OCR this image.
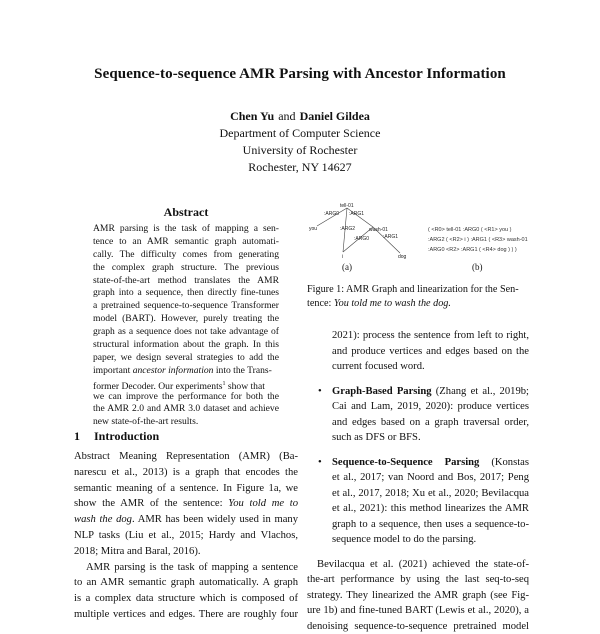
Sequence-to-sequence AMR Parsing with Ancestor Information
Chen Yu and Daniel Gildea
Department of Computer Science
University of Rochester
Rochester, NY 14627
Abstract
AMR parsing is the task of mapping a sen-
tence to an AMR semantic graph automati-
cally. The difficulty comes from generating
the complex graph structure. The previous
state-of-the-art method translates the AMR
graph into a sequence, then directly fine-tunes
a pretrained sequence-to-sequence Transformer
model (BART). However, purely treating the
graph as a sequence does not take advantage of
structural information about the graph. In this
paper, we design several strategies to add the
important ancestor information into the Trans-
former Decoder. Our experiments$^1$ show that
we can improve the performance for both the
the AMR 2.0 and AMR 3.0 dataset and achieve
new state-of-the-art results.
1 Introduction
Abstract Meaning Representation (AMR) (Ba-
narescu et al., 2013) is a graph that encodes the
semantic meaning of a sentence. In Figure 1a, we
show the AMR of the sentence: You told me to
wash the dog. AMR has been widely used in many
NLP tasks (Liu et al., 2015; Hardy and Vlachos,
2018; Mitra and Baral, 2016).
AMR parsing is the task of mapping a sentence
to an AMR semantic graph automatically. A graph
is a complex data structure which is composed of
multiple vertices and edges. There are roughly four
tell-01
you
i
wash-01
dog
:ARG0 :ARG1
:ARG2
:ARG0	:ARG1
(a)
( <R0> tell-01 :ARG0 ( <R1> you )
:ARG2 ( <R2> i ) :ARG1 ( <R3> wash-01
:ARG0 <R2> :ARG1 ( <R4> dog ) ) )
(b)
Figure 1: AMR Graph and linearization for the Sen-
tence: You told me to wash the dog.
2021): process the sentence from left to right,
and produce vertices and edges based on the
current focused word.
• Graph-Based Parsing (Zhang et al., 2019b;
Cai and Lam, 2019, 2020): produce vertices
and edges based on a graph traversal order,
such as DFS or BFS.
• Sequence-to-Sequence Parsing (Konstas
et al., 2017; van Noord and Bos, 2017; Peng
et al., 2017, 2018; Xu et al., 2020; Bevilacqua
et al., 2021): this method linearizes the AMR
graph to a sequence, then uses a sequence-to-
sequence model to do the parsing.
Bevilacqua et al. (2021) achieved the state-of-
the-art performance by using the last seq-to-seq
strategy. They linearized the AMR graph (see Fig-
ure 1b) and fine-tuned BART (Lewis et al., 2020), a
denoising sequence-to-sequence pretrained model
